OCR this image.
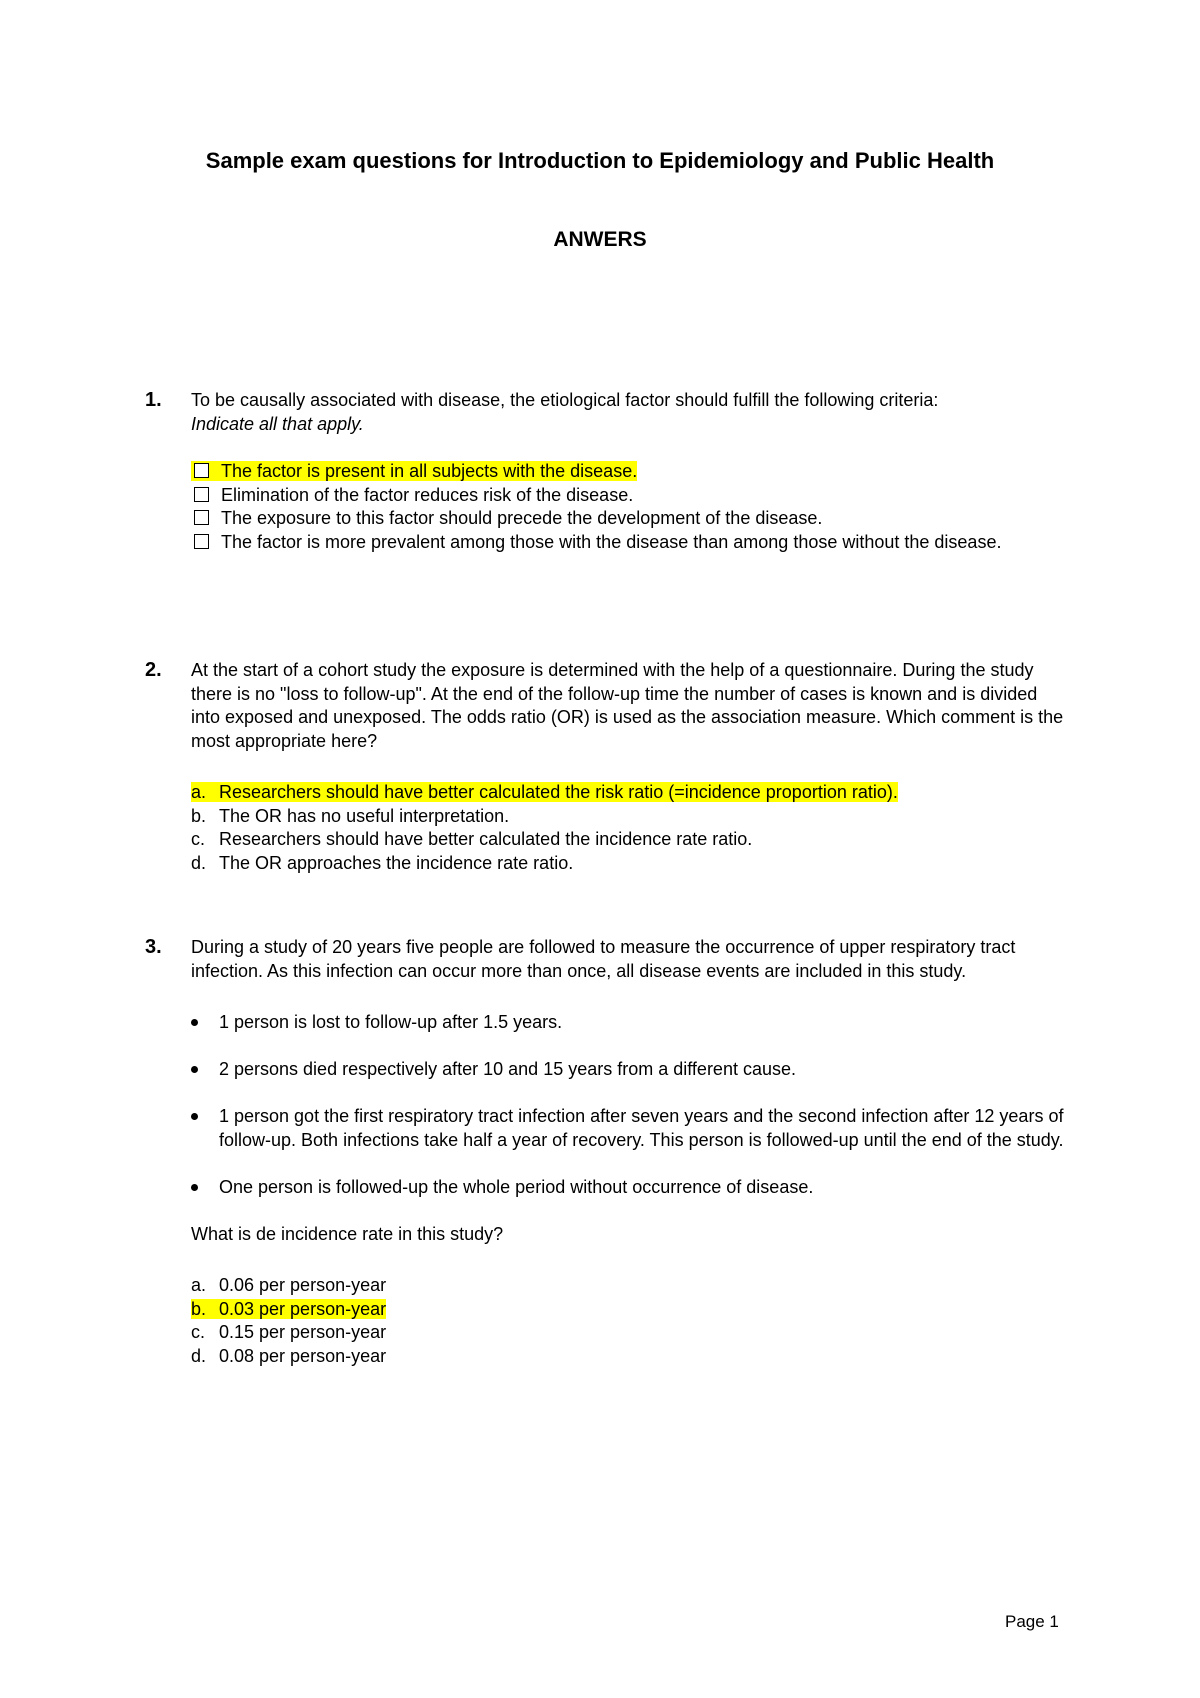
Sample exam questions for Introduction to Epidemiology and Public Health
ANWERS
1. To be causally associated with disease, the etiological factor should fulfill the following criteria:

Indicate all that apply.
The factor is present in all subjects with the disease.
Elimination of the factor reduces risk of the disease.
The exposure to this factor should precede the development of the disease.
The factor is more prevalent among those with the disease than among those without the disease.
2. At the start of a cohort study the exposure is determined with the help of a questionnaire. During the study there is no "loss to follow-up". At the end of the follow-up time the number of cases is known and is divided into exposed and unexposed. The odds ratio (OR) is used as the association measure. Which comment is the most appropriate here?

a. Researchers should have better calculated the risk ratio (=incidence proportion ratio).
b. The OR has no useful interpretation.
c. Researchers should have better calculated the incidence rate ratio.
d. The OR approaches the incidence rate ratio.
3. During a study of 20 years five people are followed to measure the occurrence of upper respiratory tract infection. As this infection can occur more than once, all disease events are included in this study.

1 person is lost to follow-up after 1.5 years.
2 persons died respectively after 10 and 15 years from a different cause.
1 person got the first respiratory tract infection after seven years and the second infection after 12 years of follow-up. Both infections take half a year of recovery. This person is followed-up until the end of the study.
One person is followed-up the whole period without occurrence of disease.

What is de incidence rate in this study?

a. 0.06 per person-year
b. 0.03 per person-year
c. 0.15 per person-year
d. 0.08 per person-year
Page 1
